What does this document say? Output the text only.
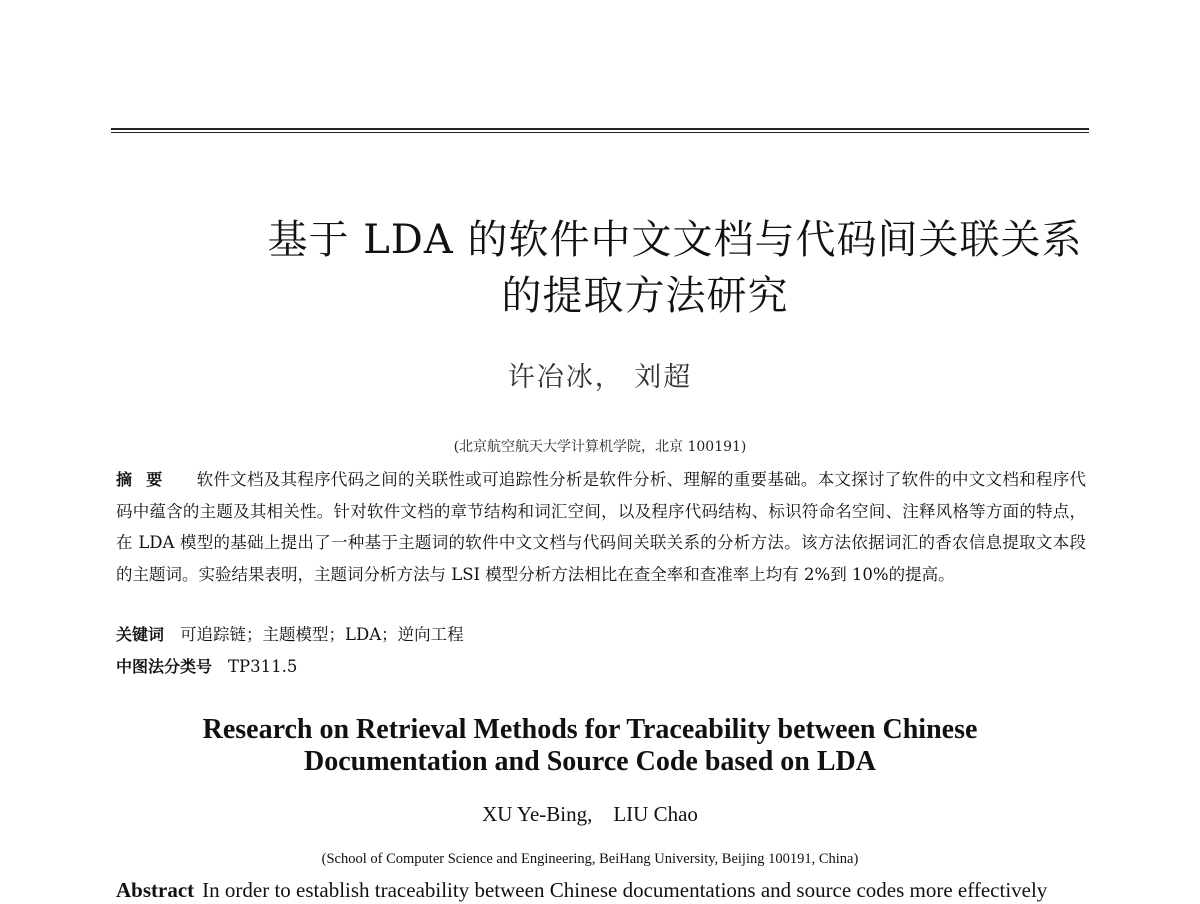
基于 LDA 的软件中文文档与代码间关联关系
的提取方法研究
许冶冰， 刘超
(北京航空航天大学计算机学院，北京 100191)
摘要 软件文档及其程序代码之间的关联性或可追踪性分析是软件分析、理解的重要基础。本文探讨了软件的中文文档和程序代码中蕴含的主题及其相关性。针对软件文档的章节结构和词汇空间，以及程序代码结构、标识符命名空间、注释风格等方面的特点，在 LDA 模型的基础上提出了一种基于主题词的软件中文文档与代码间关联关系的分析方法。该方法依据词汇的香农信息提取文本段的主题词。实验结果表明，主题词分析方法与 LSI 模型分析方法相比在查全率和查准率上均有 2%到 10%的提高。
关键词 可追踪链；主题模型；LDA；逆向工程
中图法分类号 TP311.5
Research on Retrieval Methods for Traceability between Chinese
Documentation and Source Code based on LDA
XU Ye-Bing,    LIU Chao
(School of Computer Science and Engineering, BeiHang University, Beijing 100191, China)
Abstract In order to establish traceability between Chinese documentations and source codes more effectively
